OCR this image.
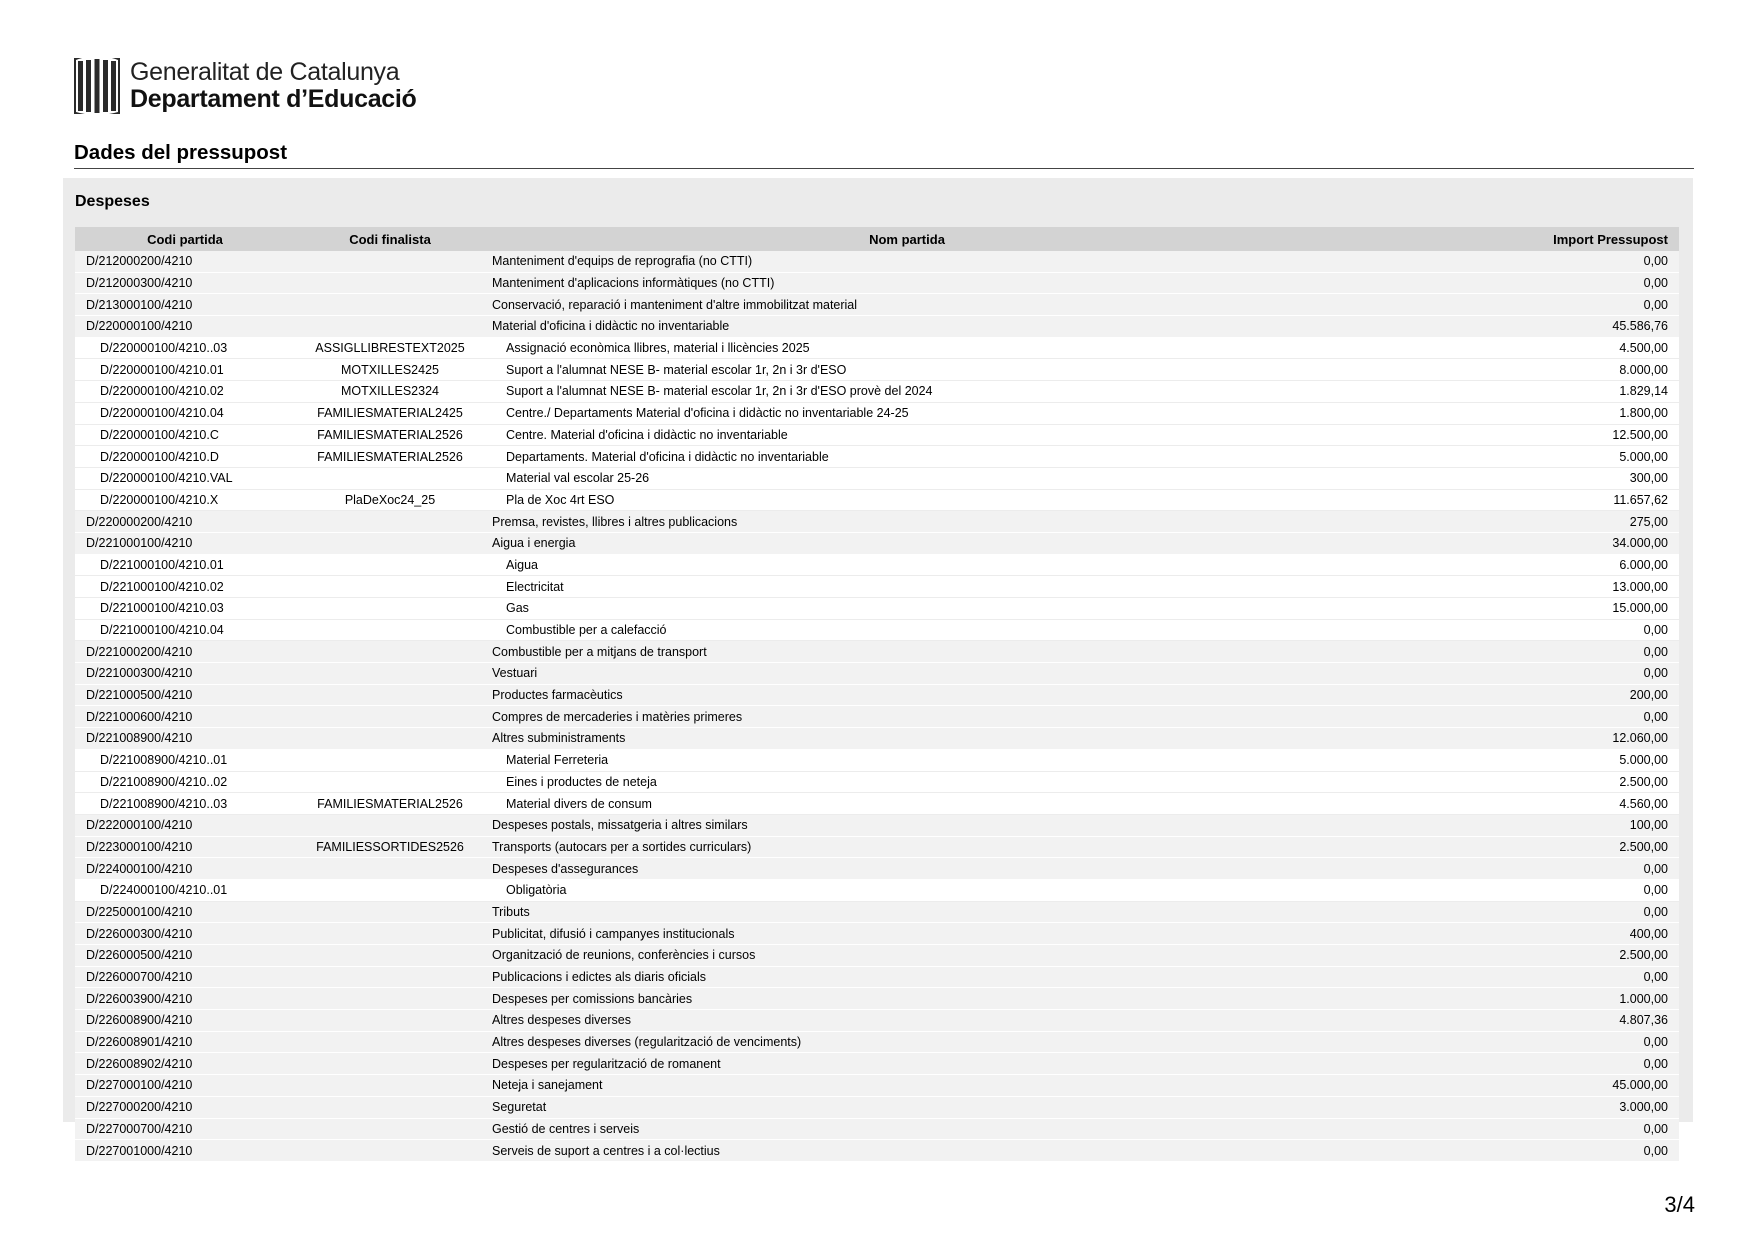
Generalitat de Catalunya
Departament d’Educació
Dades del pressupost
Despeses
Codi partida	Codi finalista	Nom partida	Import Pressupost
D/212000200/4210		Manteniment d'equips de reprografia (no CTTI)	0,00
D/212000300/4210		Manteniment d'aplicacions informàtiques (no CTTI)	0,00
D/213000100/4210		Conservació, reparació i manteniment d'altre immobilitzat material	0,00
D/220000100/4210		Material d'oficina i didàctic no inventariable	45.586,76
D/220000100/4210..03	ASSIGLLIBRESTEXT2025	Assignació econòmica llibres, material i llicències 2025	4.500,00
D/220000100/4210.01	MOTXILLES2425	Suport a l'alumnat NESE B- material escolar 1r, 2n i 3r d'ESO	8.000,00
D/220000100/4210.02	MOTXILLES2324	Suport a l'alumnat NESE B- material escolar 1r, 2n i 3r d'ESO provè del 2024	1.829,14
D/220000100/4210.04	FAMILIESMATERIAL2425	Centre./ Departaments Material d'oficina i didàctic no inventariable 24-25	1.800,00
D/220000100/4210.C	FAMILIESMATERIAL2526	Centre. Material d'oficina i didàctic no inventariable	12.500,00
D/220000100/4210.D	FAMILIESMATERIAL2526	Departaments. Material d'oficina i didàctic no inventariable	5.000,00
D/220000100/4210.VAL		Material val escolar 25-26	300,00
D/220000100/4210.X	PlaDeXoc24_25	Pla de Xoc 4rt ESO	11.657,62
D/220000200/4210		Premsa, revistes, llibres i altres publicacions	275,00
D/221000100/4210		Aigua i energia	34.000,00
D/221000100/4210.01		Aigua	6.000,00
D/221000100/4210.02		Electricitat	13.000,00
D/221000100/4210.03		Gas	15.000,00
D/221000100/4210.04		Combustible per a calefacció	0,00
D/221000200/4210		Combustible per a mitjans de transport	0,00
D/221000300/4210		Vestuari	0,00
D/221000500/4210		Productes farmacèutics	200,00
D/221000600/4210		Compres de mercaderies i matèries primeres	0,00
D/221008900/4210		Altres subministraments	12.060,00
D/221008900/4210..01		Material Ferreteria	5.000,00
D/221008900/4210..02		Eines i productes de neteja	2.500,00
D/221008900/4210..03	FAMILIESMATERIAL2526	Material divers de consum	4.560,00
D/222000100/4210		Despeses postals, missatgeria i altres similars	100,00
D/223000100/4210	FAMILIESSORTIDES2526	Transports (autocars per a sortides curriculars)	2.500,00
D/224000100/4210		Despeses d'assegurances	0,00
D/224000100/4210..01		Obligatòria	0,00
D/225000100/4210		Tributs	0,00
D/226000300/4210		Publicitat, difusió i campanyes institucionals	400,00
D/226000500/4210		Organització de reunions, conferències i cursos	2.500,00
D/226000700/4210		Publicacions i edictes als diaris oficials	0,00
D/226003900/4210		Despeses per comissions bancàries	1.000,00
D/226008900/4210		Altres despeses diverses	4.807,36
D/226008901/4210		Altres despeses diverses (regularització de venciments)	0,00
D/226008902/4210		Despeses per regularització de romanent	0,00
D/227000100/4210		Neteja i sanejament	45.000,00
D/227000200/4210		Seguretat	3.000,00
D/227000700/4210		Gestió de centres i serveis	0,00
D/227001000/4210		Serveis de suport a centres i a col·lectius	0,00
3/4
